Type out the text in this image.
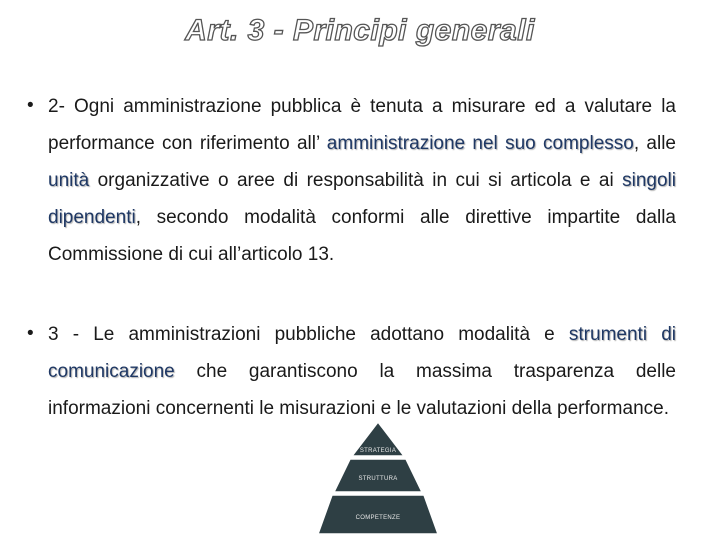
Art. 3 - Principi generali
• 2- Ogni amministrazione pubblica è tenuta a misurare ed a valutare la performance con riferimento all’ amministrazione nel suo complesso, alle unità organizzative o aree di responsabilità in cui si articola e ai singoli dipendenti, secondo modalità conformi alle direttive impartite dalla Commissione di cui all’articolo 13.
• 3 - Le amministrazioni pubbliche adottano modalità e strumenti di comunicazione che garantiscono la massima trasparenza delle informazioni concernenti le misurazioni e le valutazioni della performance.
STRATEGIA
STRUTTURA
COMPETENZE
